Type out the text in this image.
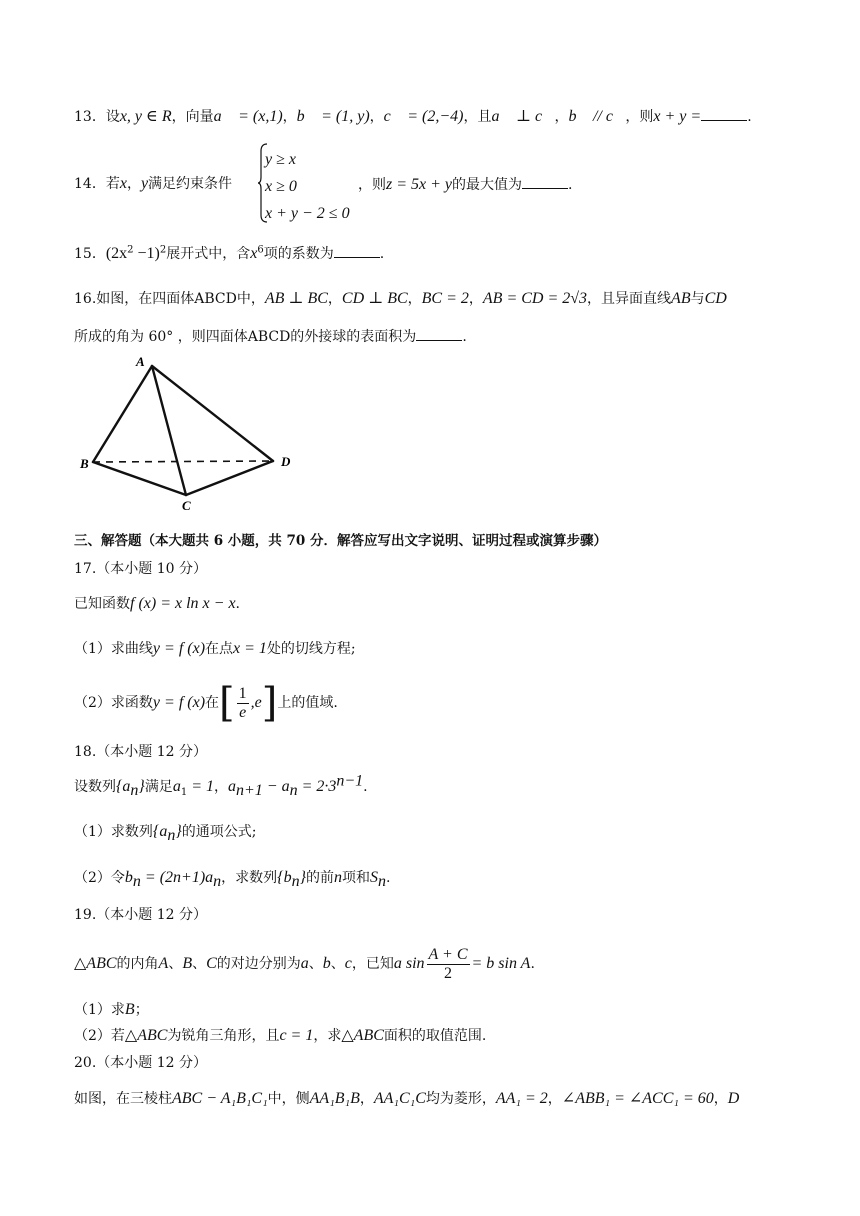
13．设x, y ∈ R，向量a⃗ = (x,1)，b⃗ = (1, y)，c⃗ = (2,−4)，且a⃗ ⊥ c⃗，b⃗ // c⃗，则x + y =	.
14．若x，y满足约束条件
y ≥ x
x ≥ 0
x + y − 2 ≤ 0
，则z = 5x + y的最大值为	.
15．$(2x^2 -1)^2$展开式中，含$x^6$项的系数为	.
16.如图，在四面体ABCD中，AB ⊥ BC，CD ⊥ BC，BC = 2，AB = CD = 2√3，且异面直线AB与CD
所成的角为 60° ，则四面体ABCD的外接球的表面积为	.
A
B
C
D
三、解答题（本大题共 6 小题，共 70 分．解答应写出文字说明、证明过程或演算步骤）
17.（本小题 10 分）
已知函数f (x) = x ln x − x.
（1）求曲线y = f (x)在点x = 1处的切线方程;
（2）求函数y = f (x)在[ $\frac{1}{e} ,e$]上的值域.
18.（本小题 12 分）
设数列$\{a_n\}$满足$a_1 = 1$，$a_{n+1} - a_n = 2\cdot 3^{n-1}$.
（1）求数列$\{a_n\}$的通项公式;
（2）令$b_n = (2n+1)a_n$，求数列$\{b_n\}$的前n项和$S_n$.
19.（本小题 12 分）
△ABC的内角A、B、C的对边分别为a、b、c，已知a $\sin \frac{A + C}{2} = b$ sin A.
（1）求B；
（2）若△ABC为锐角三角形，且c = 1，求△ABC面积的取值范围.
20.（本小题 12 分）
如图，在三棱柱ABC − A₁B₁C₁中，侧AA₁B₁B，AA₁C₁C均为菱形，AA₁ = 2，∠ABB₁ = ∠ACC₁ = 60，D
